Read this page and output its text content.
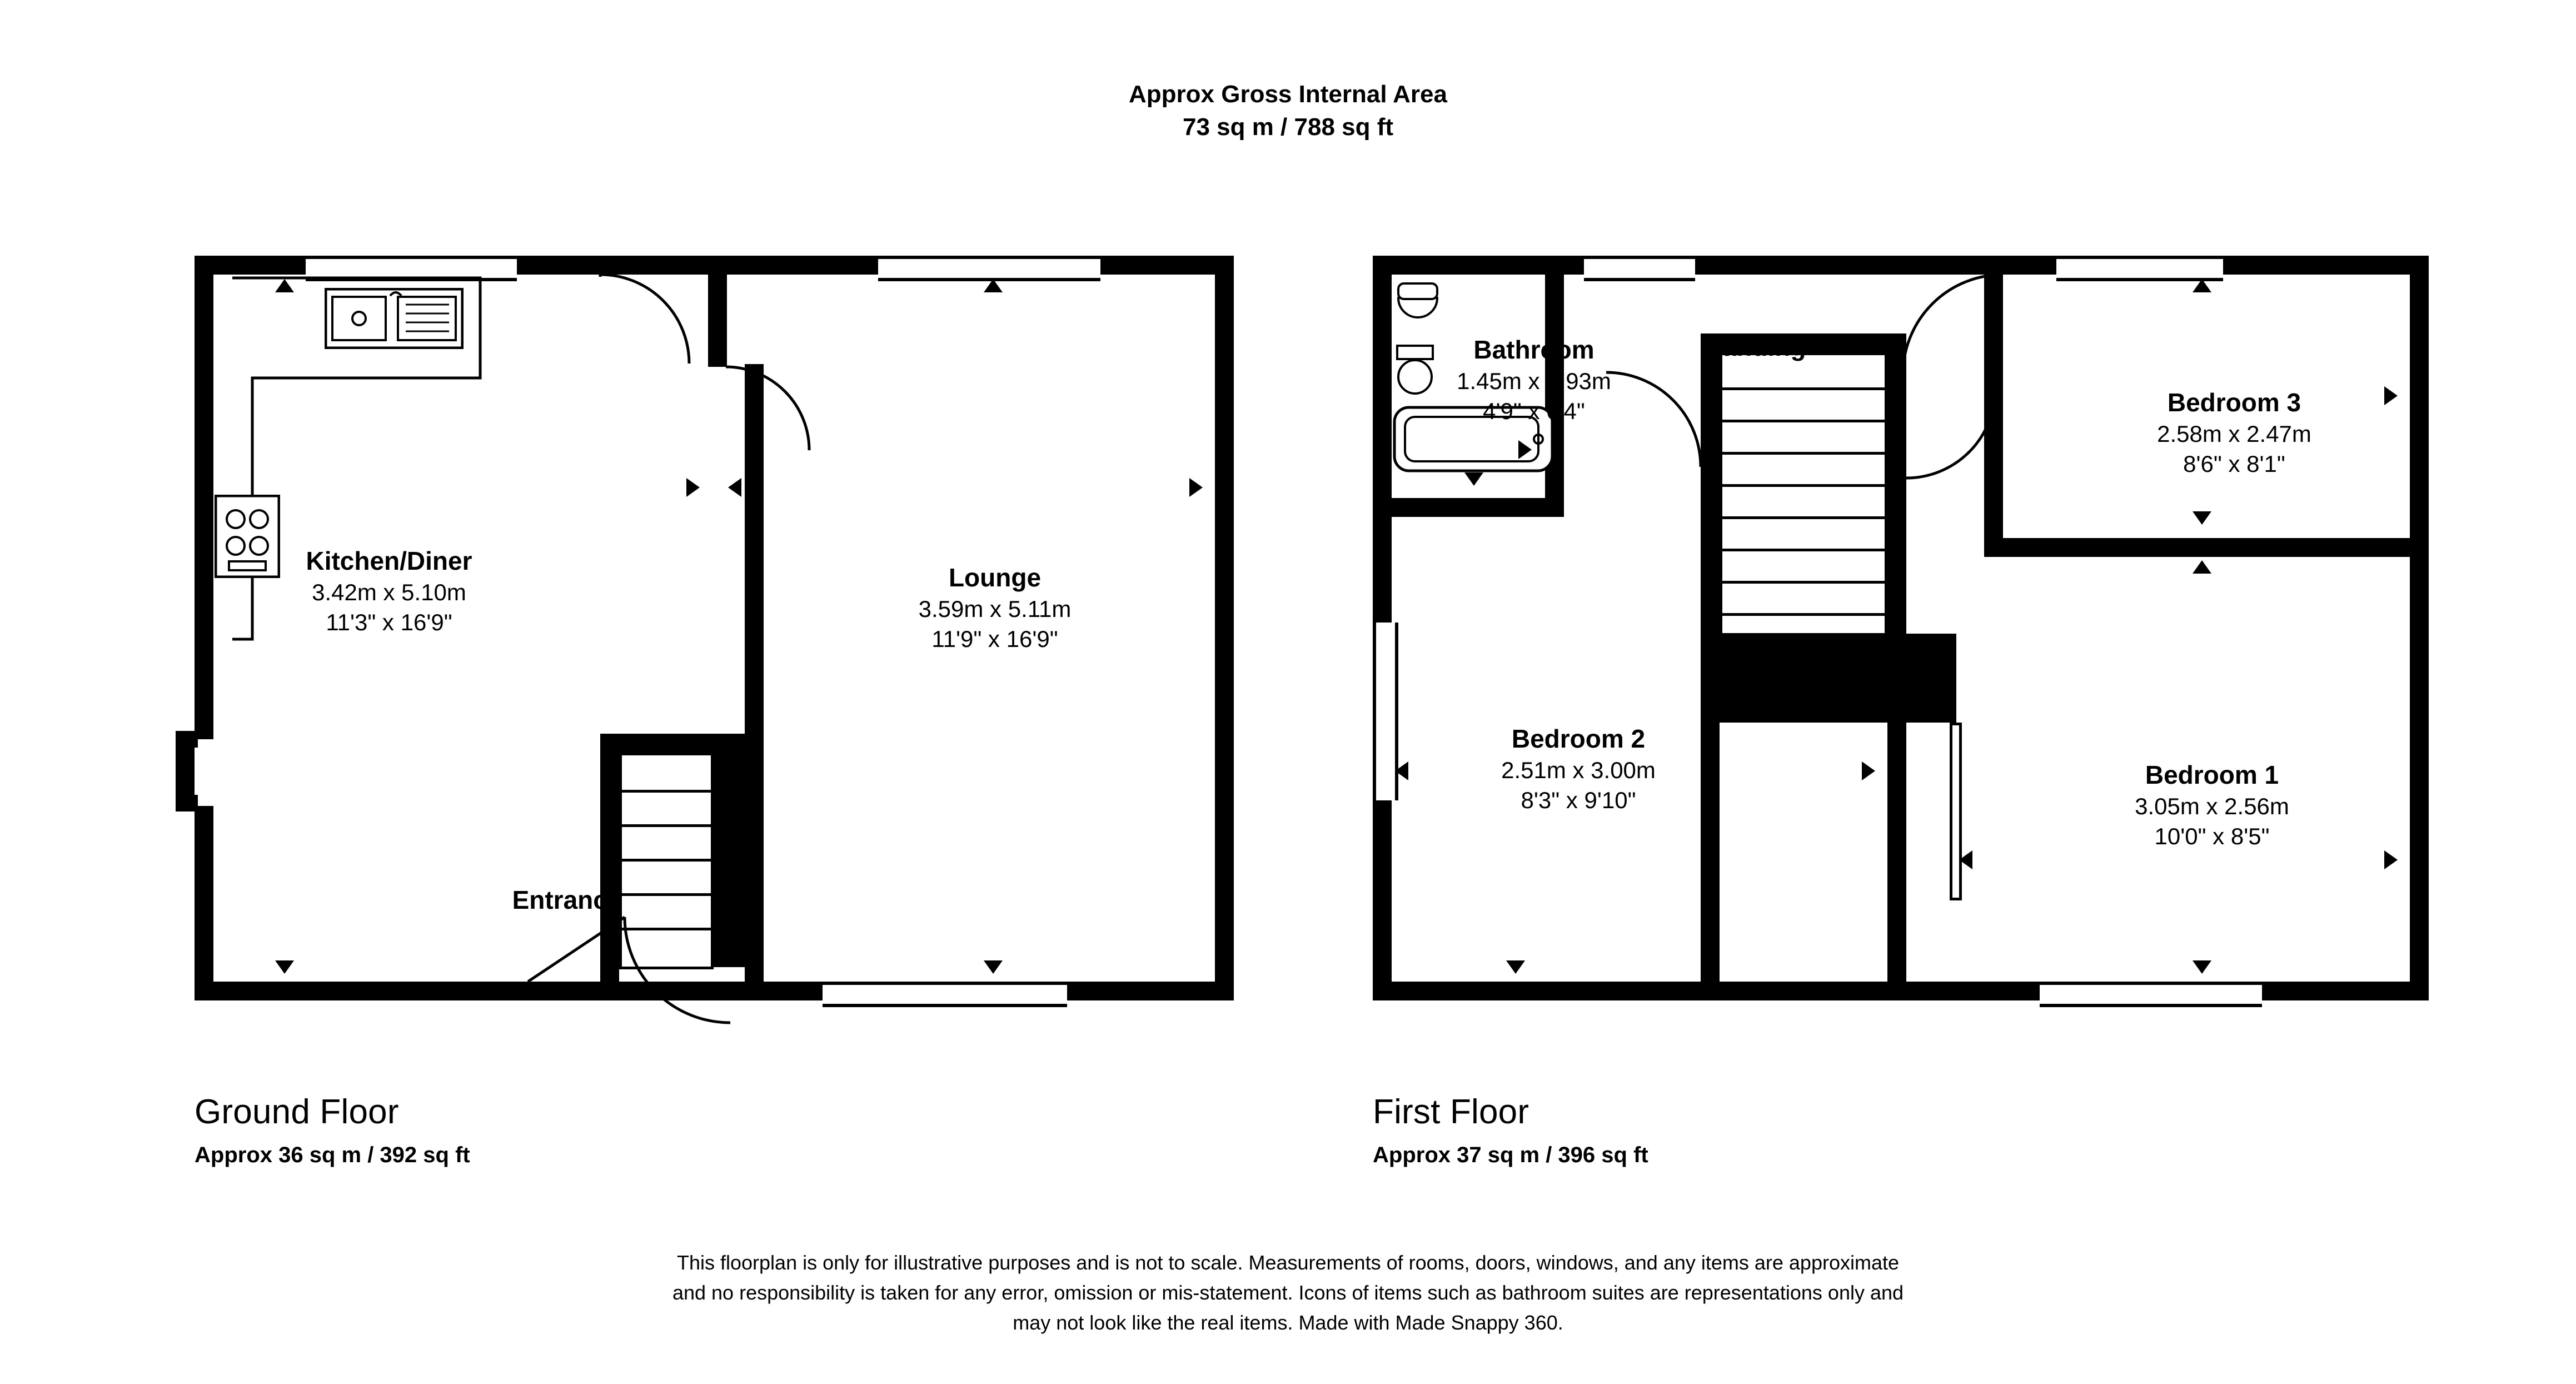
Approx Gross Internal Area
73 sq m / 788 sq ft
Kitchen/Diner
3.42m x 5.10m
11'3" x 16'9"
Lounge
3.59m x 5.11m
11'9" x 16'9"
Entrance
Bathroom
1.45m x 1.93m
4'9" x 6'4"
Landing
Bedroom 3
2.58m x 2.47m
8'6" x 8'1"
Bedroom 2
2.51m x 3.00m
8'3" x 9'10"
Bedroom 1
3.05m x 2.56m
10'0" x 8'5"
Ground Floor
Approx 36 sq m / 392 sq ft
First Floor
Approx 37 sq m / 396 sq ft
This floorplan is only for illustrative purposes and is not to scale. Measurements of rooms, doors, windows, and any items are approximate
and no responsibility is taken for any error, omission or mis-statement. Icons of items such as bathroom suites are representations only and
may not look like the real items. Made with Made Snappy 360.
